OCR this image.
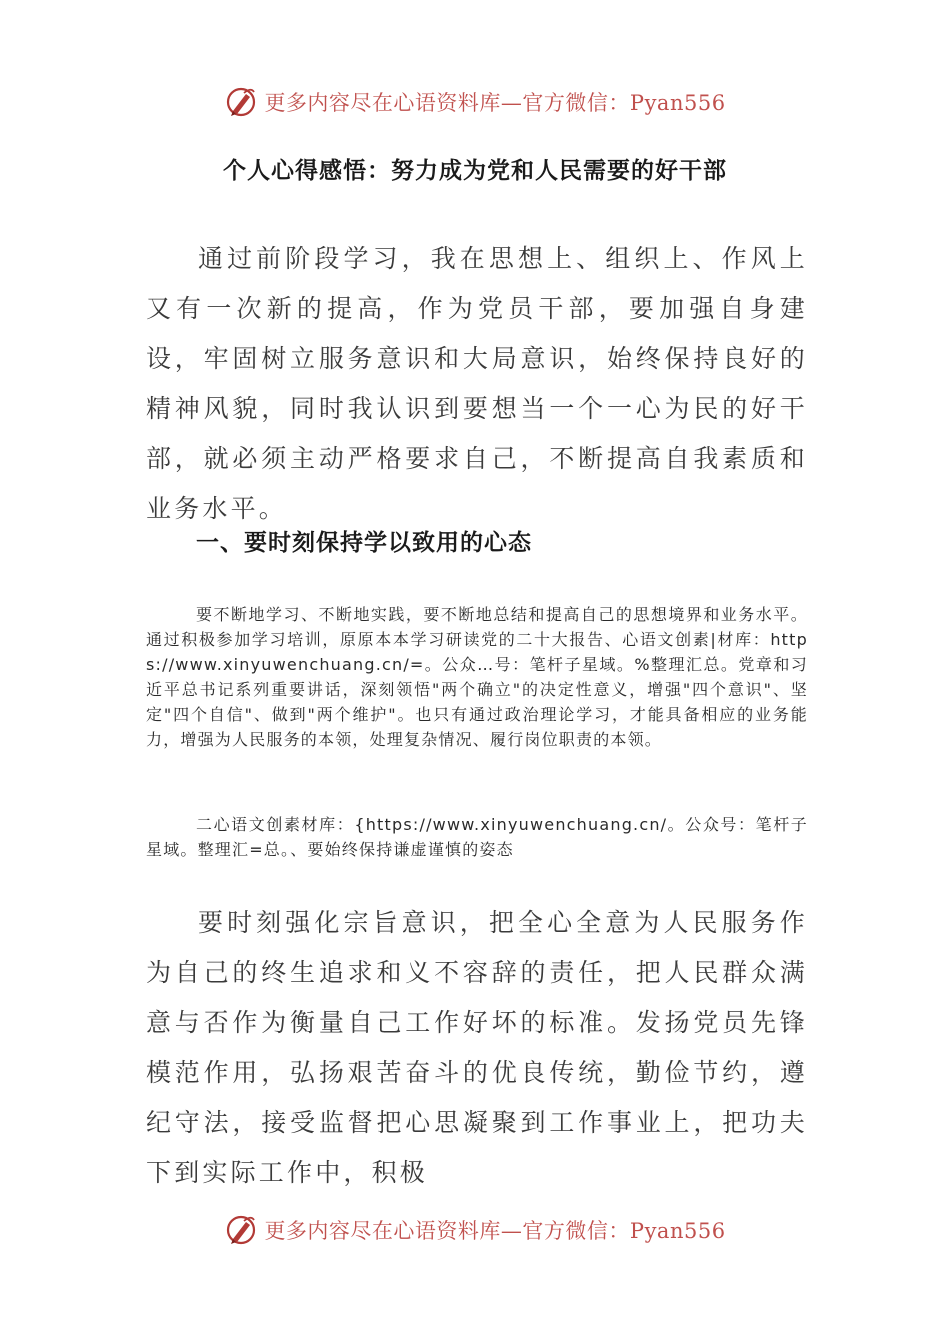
更多内容尽在心语资料库—官方微信：Pyan556
个人心得感悟：努力成为党和人民需要的好干部

通过前阶段学习，我在思想上、组织上、作风上又有一次新的提高，作为党员干部，要加强自身建设，牢固树立服务意识和大局意识，始终保持良好的精神风貌，同时我认识到要想当一个一心为民的好干部，就必须主动严格要求自己，不断提高自我素质和业务水平。

一、要时刻保持学以致用的心态

要不断地学习、不断地实践，要不断地总结和提高自己的思想境界和业务水平。通过积极参加学习培训，原原本本学习研读党的二十大报告、心语文创素|材库：https://www.xinyuwenchuang.cn/=。公众…号：笔杆子星域。%整理汇总。党章和习近平总书记系列重要讲话，深刻领悟"两个确立"的决定性意义，增强"四个意识"、坚定"四个自信"、做到"两个维护"。也只有通过政治理论学习，才能具备相应的业务能力，增强为人民服务的本领，处理复杂情况、履行岗位职责的本领。

二心语文创素材库：{https://www.xinyuwenchuang.cn/。公众号：笔杆子星域。整理汇=总。、要始终保持谦虚谨慎的姿态

要时刻强化宗旨意识，把全心全意为人民服务作为自己的终生追求和义不容辞的责任，把人民群众满意与否作为衡量自己工作好坏的标准。发扬党员先锋模范作用，弘扬艰苦奋斗的优良传统，勤俭节约，遵纪守法，接受监督把心思凝聚到工作事业上，把功夫下到实际工作中，积极

更多内容尽在心语资料库—官方微信：Pyan556
